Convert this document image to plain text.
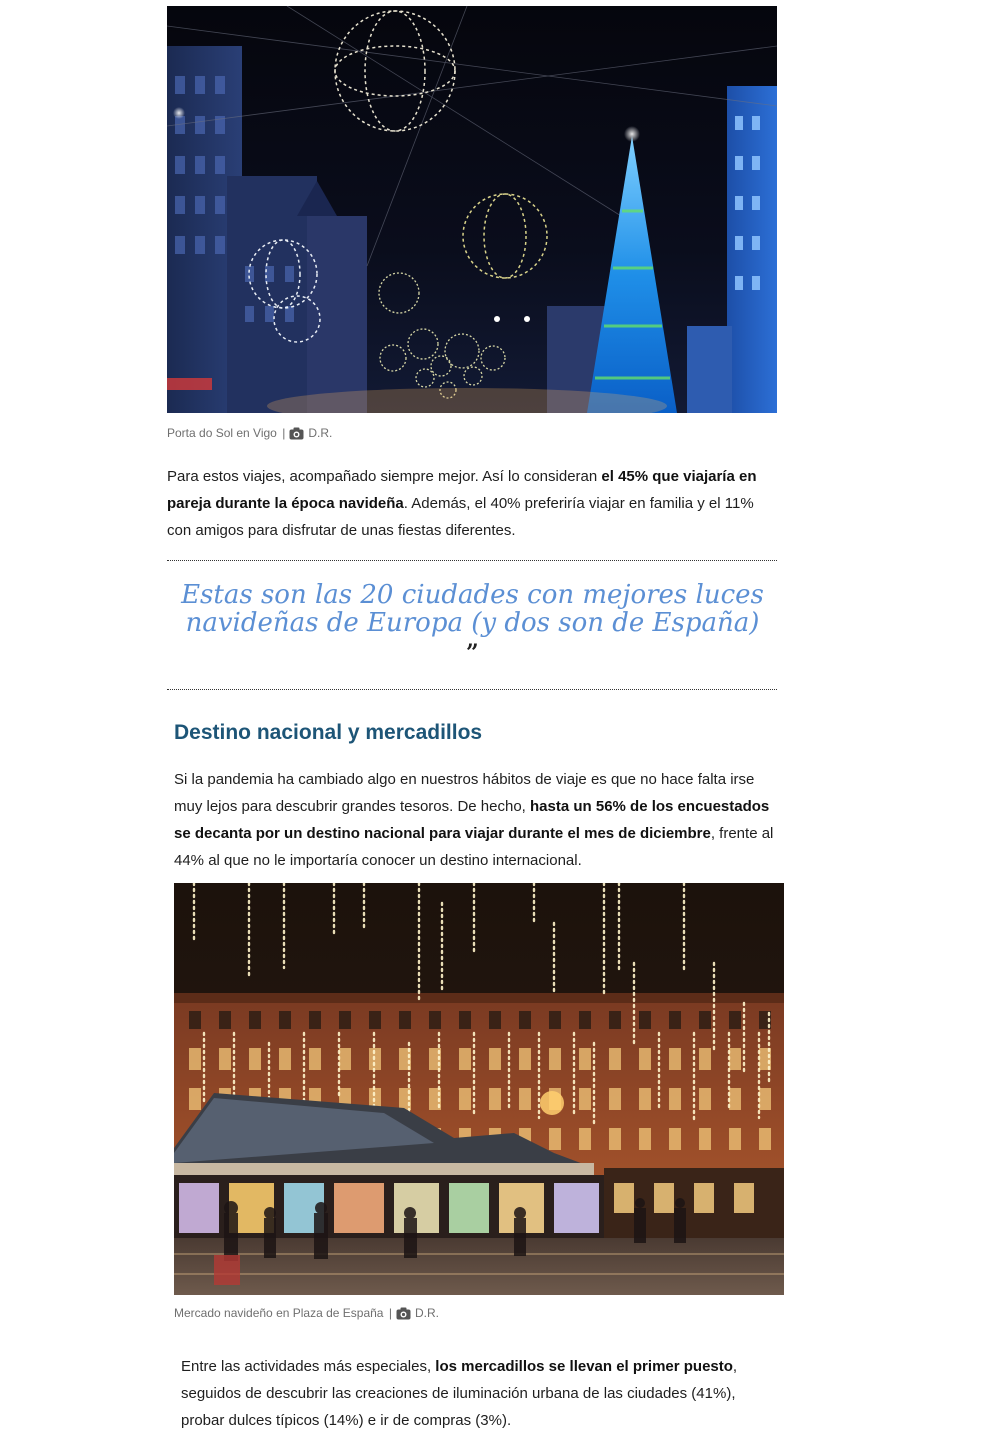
Porta do Sol en Vigo | D.R.

Para estos viajes, acompañado siempre mejor. Así lo consideran el 45% que viajaría en pareja durante la época navideña. Además, el 40% preferiría viajar en familia y el 11% con amigos para disfrutar de unas fiestas diferentes.

Estas son las 20 ciudades con mejores luces navideñas de Europa (y dos son de España)
”
Destino nacional y mercadillos

Si la pandemia ha cambiado algo en nuestros hábitos de viaje es que no hace falta irse muy lejos para descubrir grandes tesoros. De hecho, hasta un 56% de los encuestados se decanta por un destino nacional para viajar durante el mes de diciembre, frente al 44% al que no le importaría conocer un destino internacional.

Mercado navideño en Plaza de España | D.R.

Entre las actividades más especiales, los mercadillos se llevan el primer puesto, seguidos de descubrir las creaciones de iluminación urbana de las ciudades (41%), probar dulces típicos (14%) e ir de compras (3%).
